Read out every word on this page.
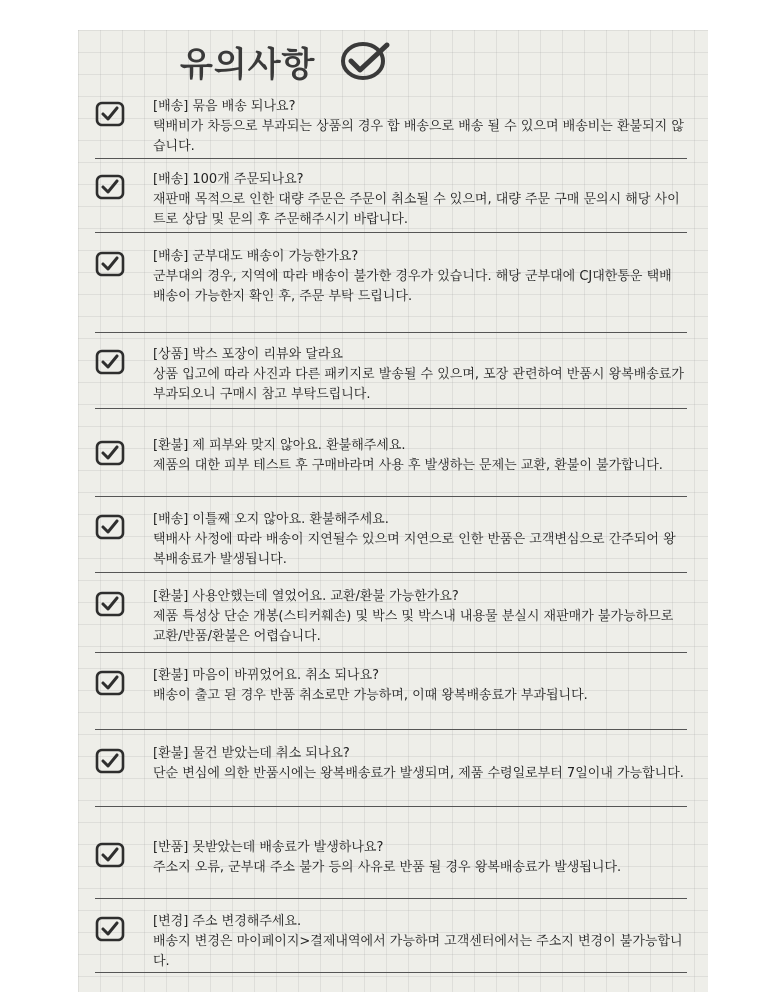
유의사항
[배송] 묶음 배송 되나요?
택배비가 차등으로 부과되는 상품의 경우 합 배송으로 배송 될 수 있으며 배송비는 환불되지 않습니다.
[배송] 100개 주문되나요?
재판매 목적으로 인한 대량 주문은 주문이 취소될 수 있으며, 대량 주문 구매 문의시 해당 사이트로 상담 및 문의 후 주문해주시기 바랍니다.
[배송] 군부대도 배송이 가능한가요?
군부대의 경우, 지역에 따라 배송이 불가한 경우가 있습니다. 해당 군부대에 CJ대한통운 택배 배송이 가능한지 확인 후, 주문 부탁 드립니다.
[상품] 박스 포장이 리뷰와 달라요
상품 입고에 따라 사진과 다른 패키지로 발송될 수 있으며, 포장 관련하여 반품시 왕복배송료가 부과되오니 구매시 참고 부탁드립니다.
[환불] 제 피부와 맞지 않아요. 환불해주세요.
제품의 대한 피부 테스트 후 구매바라며 사용 후 발생하는 문제는 교환, 환불이 불가합니다.
[배송] 이틀째 오지 않아요. 환불해주세요.
택배사 사정에 따라 배송이 지연될수 있으며 지연으로 인한 반품은 고객변심으로 간주되어 왕복배송료가 발생됩니다.
[환불] 사용안했는데 열었어요. 교환/환불 가능한가요?
제품 특성상 단순 개봉(스티커훼손) 및 박스 및 박스내 내용물 분실시 재판매가 불가능하므로 교환/반품/환불은 어렵습니다.
[환불] 마음이 바뀌었어요. 취소 되나요?
배송이 출고 된 경우 반품 취소로만 가능하며, 이때 왕복배송료가 부과됩니다.
[환불] 물건 받았는데 취소 되나요?
단순 변심에 의한 반품시에는 왕복배송료가 발생되며, 제품 수령일로부터 7일이내 가능합니다.
[반품] 못받았는데 배송료가 발생하나요?
주소지 오류, 군부대 주소 불가 등의 사유로 반품 될 경우 왕복배송료가 발생됩니다.
[변경] 주소 변경해주세요.
배송지 변경은 마이페이지>결제내역에서 가능하며 고객센터에서는 주소지 변경이 불가능합니다.
